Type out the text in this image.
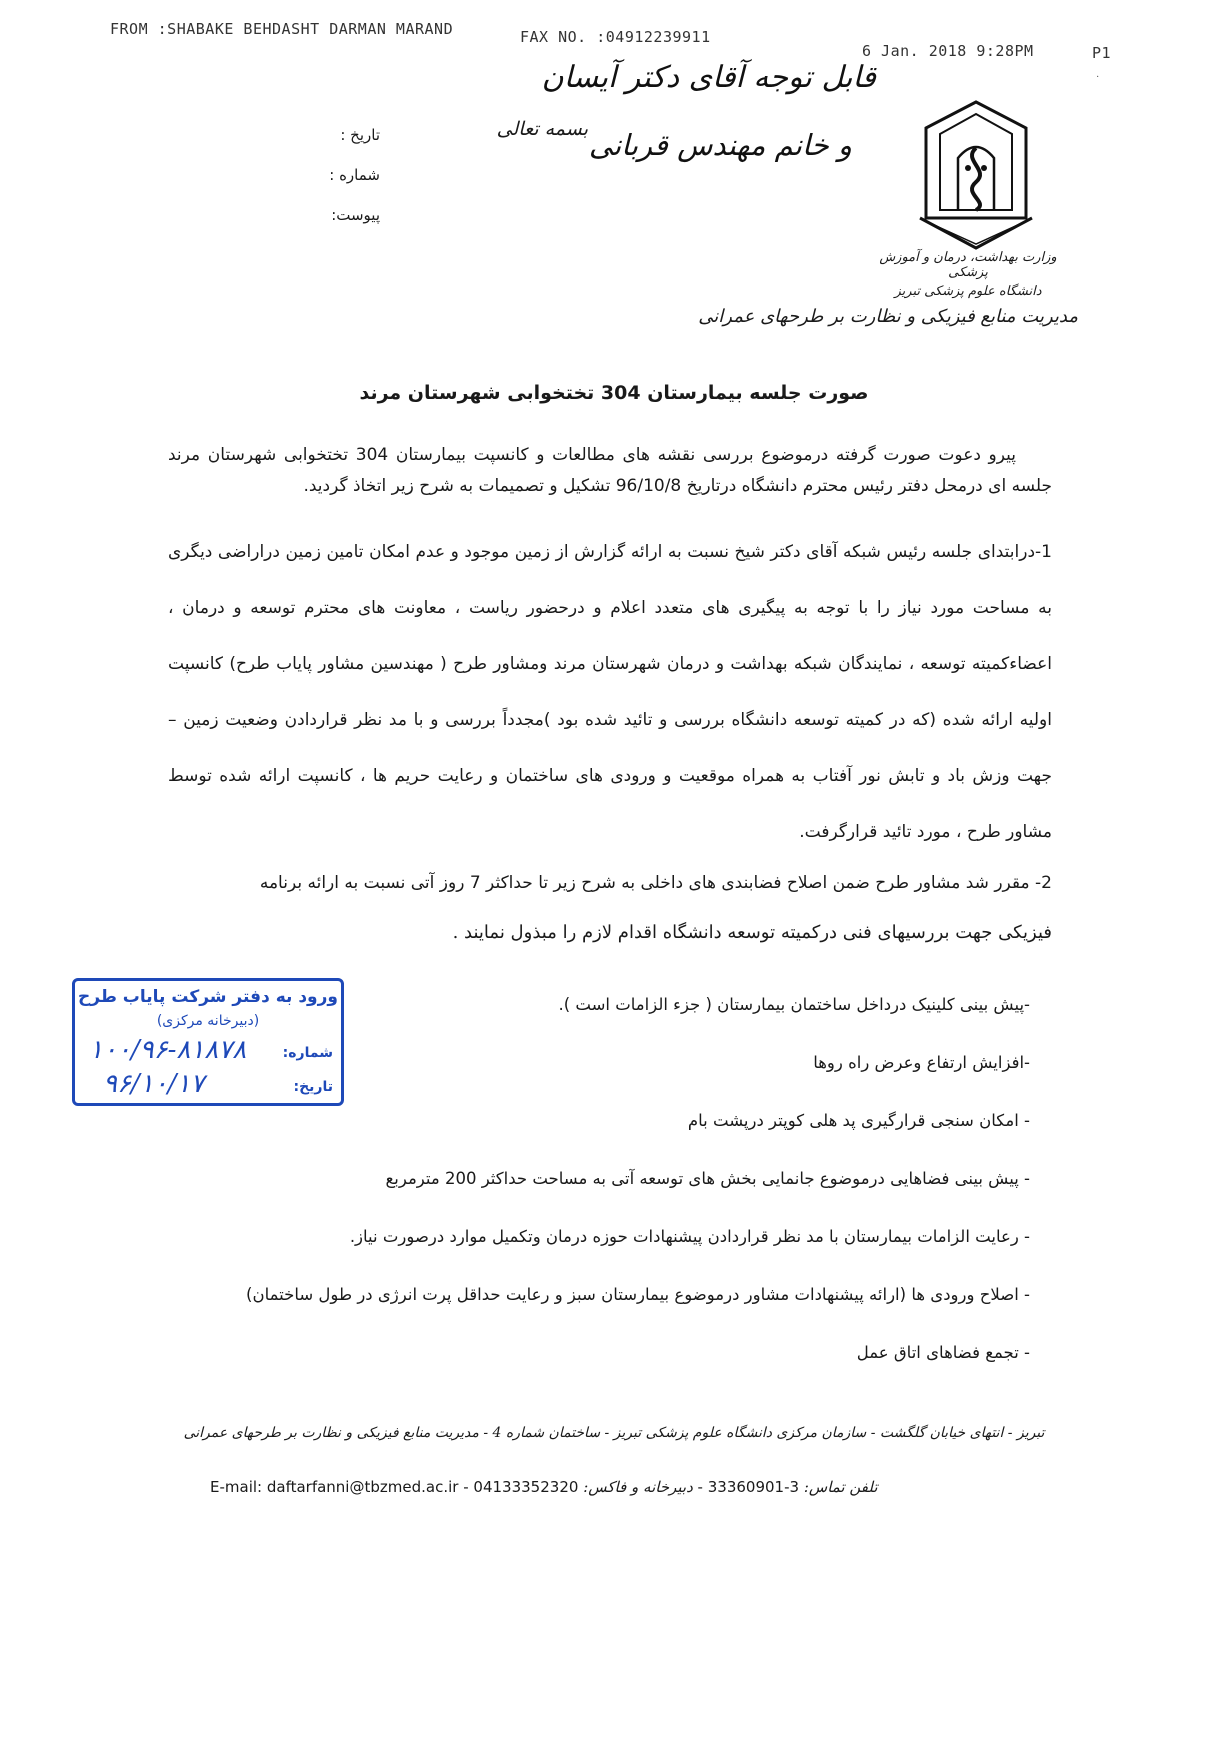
FROM :SHABAKE BEHDASHT DARMAN MARAND	FAX NO. :04912239911
6 Jan. 2018 9:28PM	P1
·
قابل توجه آقای دکتر آیسان
و خانم مهندس قربانی
بسمه تعالی
تاریخ :
شماره :
پیوست:
وزارت بهداشت، درمان و آموزش پزشکی
دانشگاه علوم پزشکی تبریز
مدیریت منابع فیزیکی و نظارت بر طرحهای عمرانی
صورت جلسه بیمارستان 304 تختخوابی شهرستان مرند

پیرو دعوت صورت گرفته درموضوع بررسی نقشه های مطالعات و کانسپت بیمارستان 304 تختخوابی شهرستان مرند جلسه ای درمحل دفتر رئیس محترم دانشگاه درتاریخ 96/10/8 تشکیل و تصمیمات به شرح زیر اتخاذ گردید.

1-درابتدای جلسه رئیس شبکه آقای دکتر شیخ نسبت به ارائه گزارش از زمین موجود و عدم امکان تامین زمین دراراضی دیگری به مساحت مورد نیاز را با توجه به پیگیری های متعدد اعلام و درحضور ریاست ، معاونت های محترم توسعه و درمان ، اعضاءکمیته توسعه ، نمایندگان شبکه بهداشت و درمان شهرستان مرند ومشاور طرح ( مهندسین مشاور پایاب طرح) کانسپت اولیه ارائه شده (که در کمیته توسعه دانشگاه بررسی و تائید شده بود )مجدداً بررسی و با مد نظر قراردادن وضعیت زمین – جهت وزش باد و تابش نور آفتاب به همراه موقعیت و ورودی های ساختمان و رعایت حریم ها ، کانسپت ارائه شده توسط مشاور طرح ، مورد تائید قرارگرفت.

2- مقرر شد مشاور طرح ضمن اصلاح فضابندی های داخلی به شرح زیر تا حداکثر 7 روز آتی نسبت به ارائه برنامه

فیزیکی جهت بررسیهای فنی درکمیته توسعه دانشگاه اقدام لازم را مبذول نمایند .

-پیش بینی کلینیک درداخل ساختمان بیمارستان ( جزء الزامات است ).
-افزایش ارتفاع وعرض راه روها
- امکان سنجی قرارگیری پد هلی کوپتر درپشت بام
- پیش بینی فضاهایی درموضوع جانمایی بخش های توسعه آتی به مساحت حداکثر 200 مترمربع
- رعایت الزامات بیمارستان با مد نظر قراردادن پیشنهادات حوزه درمان وتکمیل موارد درصورت نیاز.
- اصلاح ورودی ها (ارائه پیشنهادات مشاور درموضوع بیمارستان سبز و رعایت حداقل پرت انرژی در طول ساختمان)
- تجمع فضاهای اتاق عمل
ورود به دفتر شرکت پایاب طرح
(دبیرخانه مرکزی)
شماره:
۱۰۰/۹۶-۸۱۸۷۸
تاریخ:
۹۶/۱۰/۱۷
تبریز - انتهای خیابان گلگشت - سازمان مرکزی دانشگاه علوم پزشکی تبریز - ساختمان شماره 4 - مدیریت منابع فیزیکی و نظارت بر طرحهای عمرانی
E-mail: daftarfanni@tbzmed.ac.ir - 04133352320 دبیرخانه و فاکس: - 33360901-3 تلفن تماس:
